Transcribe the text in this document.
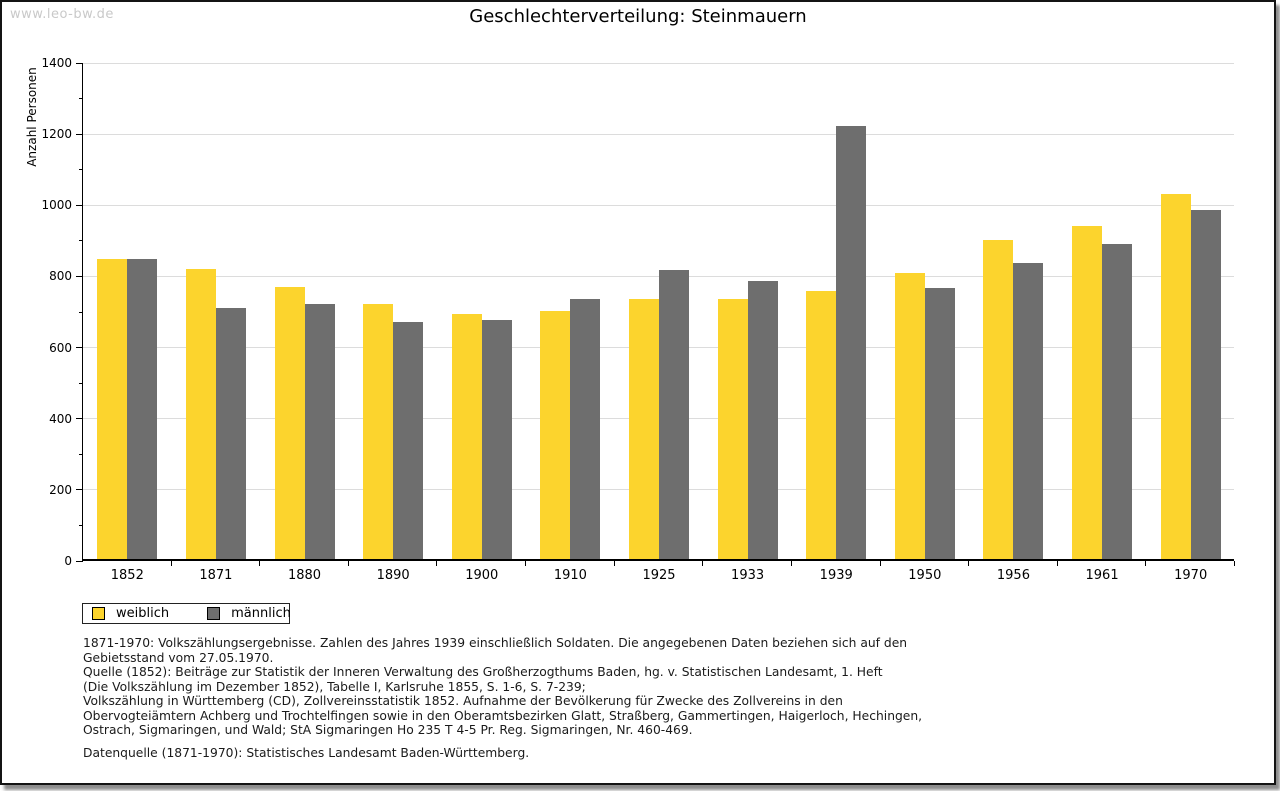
www.leo-bw.de	Geschlechterverteilung: Steinmauern
Anzahl Personen
0
200
400
600
800
1000
1200
1400
1852	1871	1880	1890	1900	1910	1925	1933	1939	1950	1956	1961	1970
weiblich	männlich
1871-1970: Volkszählungsergebnisse. Zahlen des Jahres 1939 einschließlich Soldaten. Die angegebenen Daten beziehen sich auf den
Gebietsstand vom 27.05.1970.
Quelle (1852): Beiträge zur Statistik der Inneren Verwaltung des Großherzogthums Baden, hg. v. Statistischen Landesamt, 1. Heft
(Die Volkszählung im Dezember 1852), Tabelle I, Karlsruhe 1855, S. 1-6, S. 7-239;
Volkszählung in Württemberg (CD), Zollvereinsstatistik 1852. Aufnahme der Bevölkerung für Zwecke des Zollvereins in den
Obervogteiämtern Achberg und Trochtelfingen sowie in den Oberamtsbezirken Glatt, Straßberg, Gammertingen, Haigerloch, Hechingen,
Ostrach, Sigmaringen, und Wald; StA Sigmaringen Ho 235 T 4-5 Pr. Reg. Sigmaringen, Nr. 460-469.
Datenquelle (1871-1970): Statistisches Landesamt Baden-Württemberg.
